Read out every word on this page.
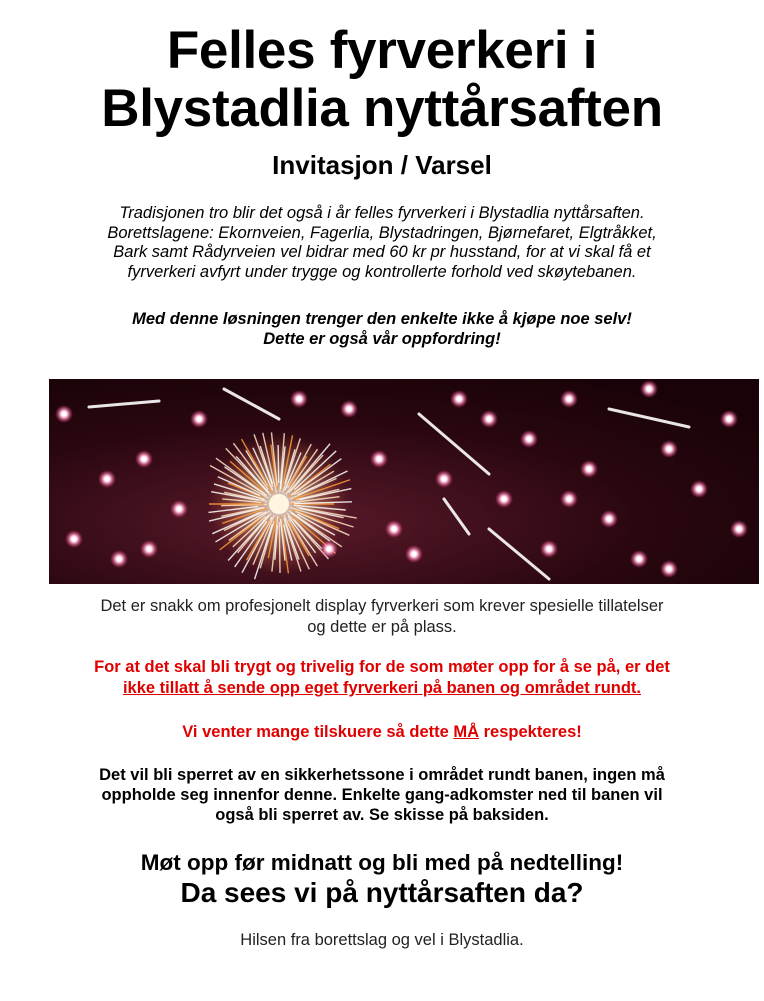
Felles fyrverkeri i
Blystadlia nyttårsaften
Invitasjon / Varsel
Tradisjonen tro blir det også i år felles fyrverkeri i Blystadlia nyttårsaften.
Borettslagene: Ekornveien, Fagerlia, Blystadringen, Bjørnefaret, Elgtråkket,
Bark samt Rådyrveien vel bidrar med 60 kr pr husstand, for at vi skal få et
fyrverkeri avfyrt under trygge og kontrollerte forhold ved skøytebanen.
Med denne løsningen trenger den enkelte ikke å kjøpe noe selv!
Dette er også vår oppfordring!
Det er snakk om profesjonelt display fyrverkeri som krever spesielle tillatelser
og dette er på plass.
For at det skal bli trygt og trivelig for de som møter opp for å se på, er det
ikke tillatt å sende opp eget fyrverkeri på banen og området rundt.
Vi venter mange tilskuere så dette MÅ respekteres!
Det vil bli sperret av en sikkerhetssone i området rundt banen, ingen må
oppholde seg innenfor denne. Enkelte gang-adkomster ned til banen vil
også bli sperret av. Se skisse på baksiden.
Møt opp før midnatt og bli med på nedtelling!
Da sees vi på nyttårsaften da?
Hilsen fra borettslag og vel i Blystadlia.
